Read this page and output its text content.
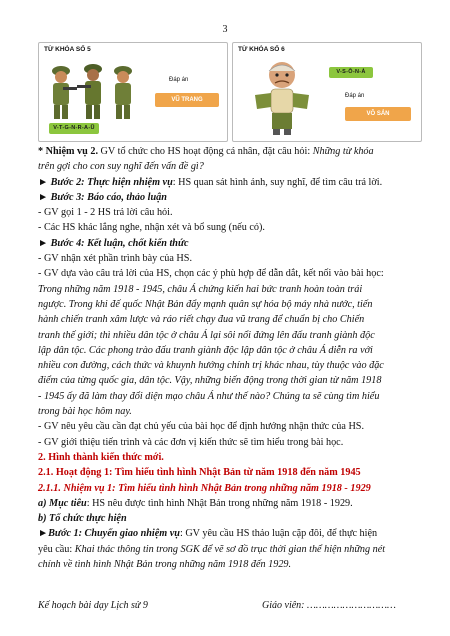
3
TỪ KHÓA SỐ 5
V-T-G-N-R-A-Ũ
Đáp án
VŨ TRANG
TỪ KHÓA SỐ 6
V-S-Ô-N-Ả
Đáp án
VÔ SẢN

* Nhiệm vụ 2. GV tổ chức cho HS hoạt động cá nhân, đặt câu hỏi: Những từ khóa

trên gợi cho con suy nghĩ đến vấn đề gì?

► Bước 2: Thực hiện nhiệm vụ: HS quan sát hình ảnh, suy nghĩ, để tìm câu trả lời.

► Bước 3: Báo cáo, thảo luận

- GV gọi 1 - 2 HS trả lời câu hỏi.

- Các HS khác lắng nghe, nhận xét và bổ sung (nếu có).

► Bước 4: Kết luận, chốt kiến thức

- GV nhận xét phần trình bày của HS.

- GV dựa vào câu trả lời của HS, chọn các ý phù hợp để dẫn dắt, kết nối vào bài học:

Trong những năm 1918 - 1945, châu Á chứng kiến hai bức tranh hoàn toàn trái

ngược. Trong khi đế quốc Nhật Bản đẩy mạnh quân sự hóa bộ máy nhà nước, tiến

hành chiến tranh xâm lược và ráo riết chạy đua vũ trang để chuẩn bị cho Chiến

tranh thế giới; thì nhiều dân tộc ở châu Á lại sôi nổi đứng lên đấu tranh giành độc

lập dân tộc. Các phong trào đấu tranh giành độc lập dân tộc ở châu Á diễn ra với

nhiều con đường, cách thức và khuynh hướng chính trị khác nhau, tùy thuộc vào đặc

điểm của từng quốc gia, dân tộc. Vậy, những biến động trong thời gian từ năm 1918

- 1945 ấy đã làm thay đổi diện mạo châu Á như thế nào? Chúng ta sẽ cùng tìm hiểu

trong bài học hôm nay.

- GV nêu yêu cầu cần đạt chủ yếu của bài học để định hướng nhận thức của HS.

- GV giới thiệu tiến trình và các đơn vị kiến thức sẽ tìm hiểu trong bài học.

2. Hình thành kiến thức mới.

2.1. Hoạt động 1: Tìm hiểu tình hình Nhật Bản từ năm 1918 đến năm 1945

2.1.1. Nhiệm vụ 1: Tìm hiểu tình hình Nhật Bản trong những năm 1918 - 1929

a) Mục tiêu: HS nêu được tình hình Nhật Bản trong những năm 1918 - 1929.

b) Tổ chức thực hiện

►Bước 1: Chuyển giao nhiệm vụ: GV yêu cầu HS thảo luận cặp đôi, để thực hiện

yêu cầu: Khai thác thông tin trong SGK để vẽ sơ đồ trục thời gian thể hiện những nét

chính về tình hình Nhật Bản trong những năm 1918 đến 1929.

Kế hoạch bài dạy Lịch sử 9	Giáo viên: …………………………
